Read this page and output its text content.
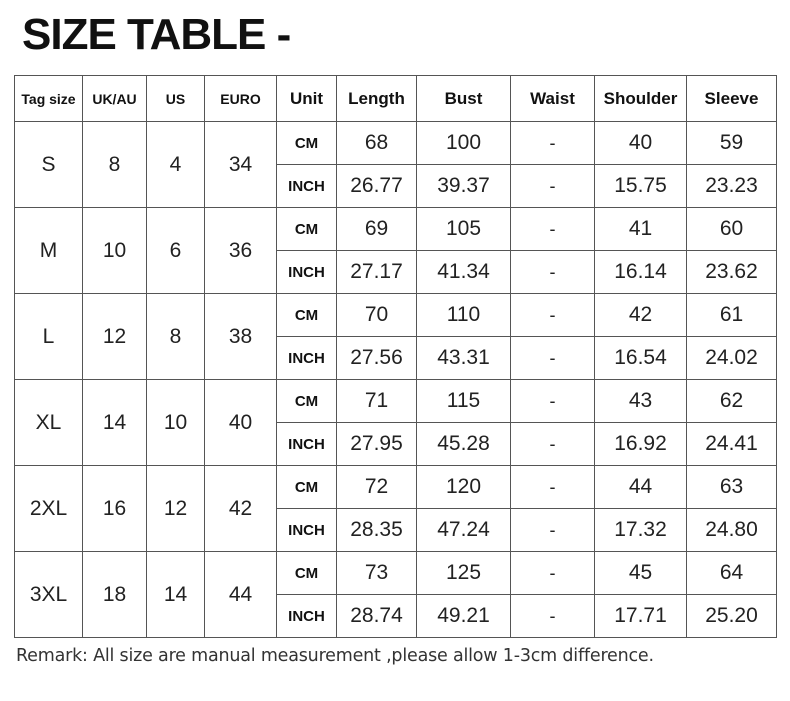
SIZE TABLE -
Tag size	UK/AU	US	EURO	Unit	Length	Bust	Waist	Shoulder	Sleeve
S	8	4	34	CM	68	100	-	40	59
				INCH	26.77	39.37	-	15.75	23.23
M	10	6	36	CM	69	105	-	41	60
				INCH	27.17	41.34	-	16.14	23.62
L	12	8	38	CM	70	110	-	42	61
				INCH	27.56	43.31	-	16.54	24.02
XL	14	10	40	CM	71	115	-	43	62
				INCH	27.95	45.28	-	16.92	24.41
2XL	16	12	42	CM	72	120	-	44	63
				INCH	28.35	47.24	-	17.32	24.80
3XL	18	14	44	CM	73	125	-	45	64
				INCH	28.74	49.21	-	17.71	25.20
Remark: All size are manual measurement ,please allow 1-3cm difference.
